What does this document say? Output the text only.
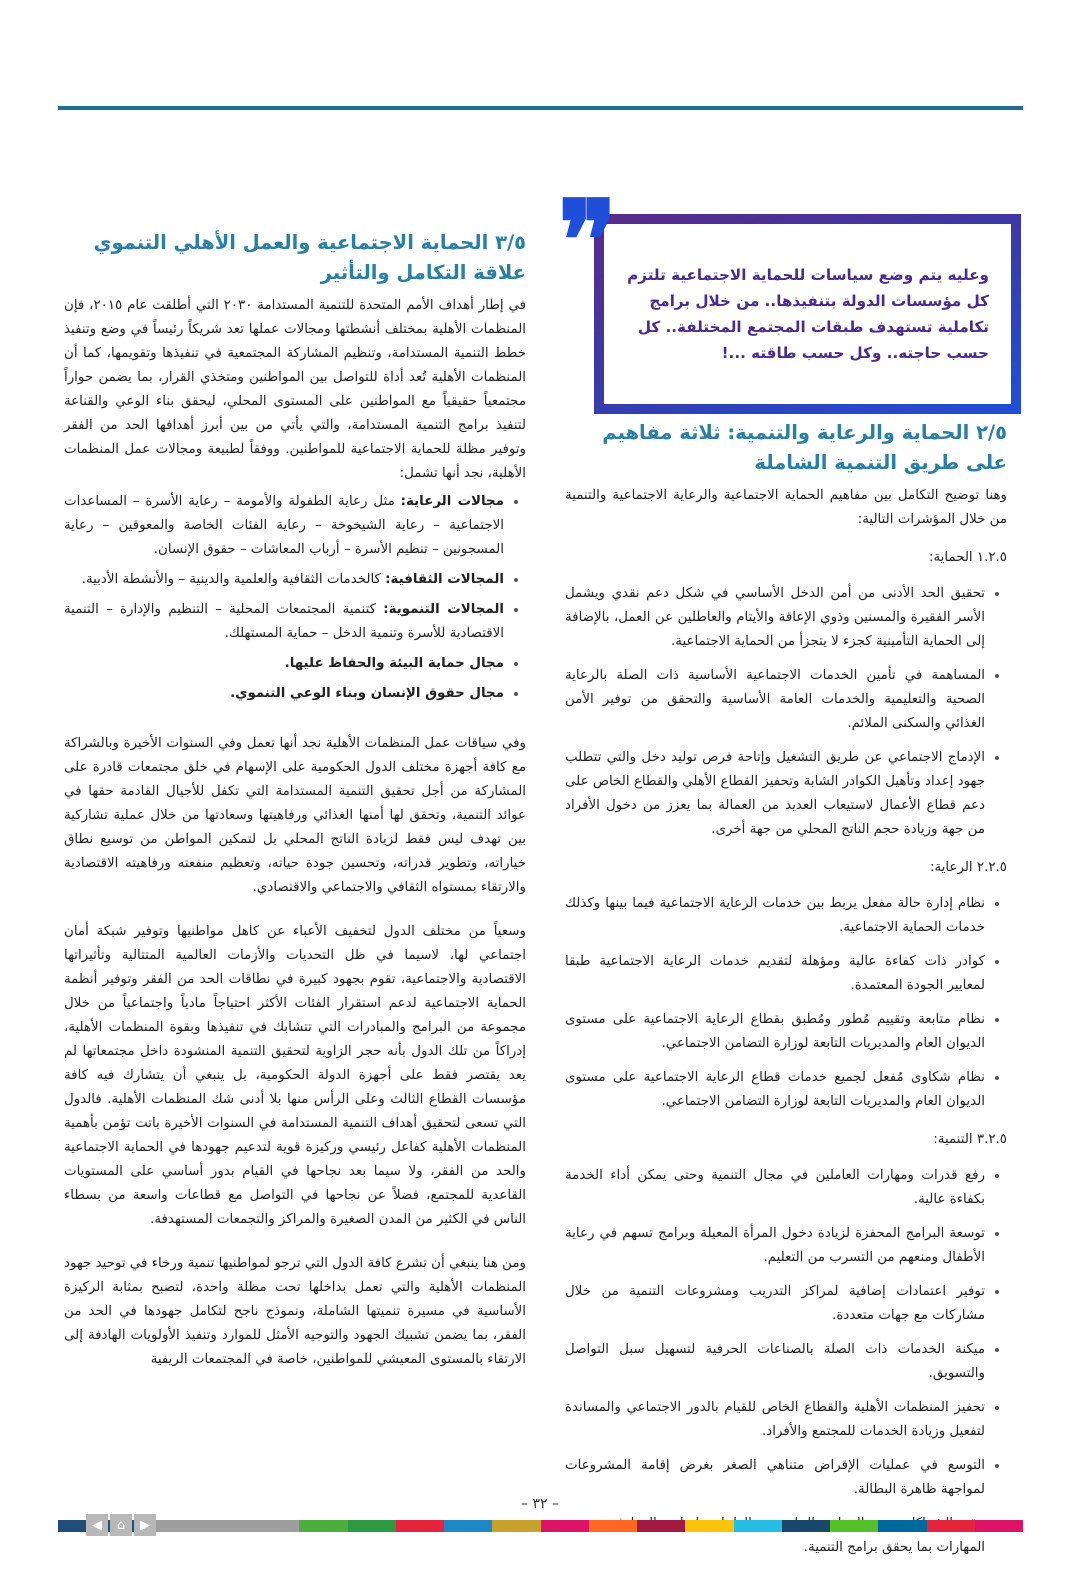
وعليه يتم وضع سياسات للحماية الاجتماعية تلتزم كل مؤسسات الدولة بتنفيذها.. من خلال برامج تكاملية تستهدف طبقات المجتمع المختلفة.. كل حسب حاجته.. وكل حسب طاقته ...!
❞
٢/٥ الحماية والرعاية والتنمية: ثلاثة مفاهيم على طريق التنمية الشاملة

وهنا توضيح التكامل بين مفاهيم الحماية الاجتماعية والرعاية الاجتماعية والتنمية من خلال المؤشرات التالية:

١.٢.٥ الحماية:

• تحقيق الحد الأدنى من أمن الدخل الأساسي في شكل دعم نقدي ويشمل الأسر الفقيرة والمسنين وذوي الإعاقة والأيتام والعاطلين عن العمل، بالإضافة إلى الحماية التأمينية كجزء لا يتجزأ من الحماية الاجتماعية.
• المساهمة في تأمين الخدمات الاجتماعية الأساسية ذات الصلة بالرعاية الصحية والتعليمية والخدمات العامة الأساسية والتحقق من توفير الأمن الغذائي والسكنى الملائم.
• الإدماج الاجتماعي عن طريق التشغيل وإتاحة فرص توليد دخل والتي تتطلب جهود إعداد وتأهيل الكوادر الشابة وتحفيز القطاع الأهلي والقطاع الخاص على دعم قطاع الأعمال لاستيعاب العديد من العمالة بما يعزز من دخول الأفراد من جهة وزيادة حجم الناتج المحلي من جهة أخرى.

٢.٢.٥ الرعاية:

• نظام إدارة حالة مفعل يربط بين خدمات الرعاية الاجتماعية فيما بينها وكذلك خدمات الحماية الاجتماعية.
• كوادر ذات كفاءة عالية ومؤهلة لتقديم خدمات الرعاية الاجتماعية طبقا لمعايير الجودة المعتمدة.
• نظام متابعة وتقييم مُطور ومُطبق بقطاع الرعاية الاجتماعية على مستوى الديوان العام والمديريات التابعة لوزارة التضامن الاجتماعي.
• نظام شكاوى مُفعل لجميع خدمات قطاع الرعاية الاجتماعية على مستوى الديوان العام والمديريات التابعة لوزارة التضامن الاجتماعي.

٣.٢.٥ التنمية:

• رفع قدرات ومهارات العاملين في مجال التنمية وحتى يمكن أداء الخدمة بكفاءة عالية.
• توسعة البرامج المحفزة لزيادة دخول المرأة المعيلة وبرامج تسهم في رعاية الأطفال ومنعهم من التسرب من التعليم.
• توفير اعتمادات إضافية لمراكز التدريب ومشروعات التنمية من خلال مشاركات مع جهات متعددة.
• ميكنة الخدمات ذات الصلة بالصناعات الحرفية لتسهيل سبل التواصل والتسويق.
• تحفيز المنظمات الأهلية والقطاع الخاص للقيام بالدور الاجتماعي والمساندة لتفعيل وزيادة الخدمات للمجتمع والأفراد.
• التوسع في عمليات الإقراض متناهي الصغر بغرض إقامة المشروعات لمواجهة ظاهرة البطالة.
• المهارات بما يحقق برامج التنمية.
٣/٥ الحماية الاجتماعية والعمل الأهلي التنموي علاقة التكامل والتأثير

في إطار أهداف الأمم المتحدة للتنمية المستدامة ٢٠٣٠ التي أطلقت عام ٢٠١٥، فإن المنظمات الأهلية بمختلف أنشطتها ومجالات عملها تعد شريكاً رئيساً في وضع وتنفيذ خطط التنمية المستدامة، وتنظيم المشاركة المجتمعية في تنفيذها وتقويمها، كما أن المنظمات الأهلية تُعد أداة للتواصل بين المواطنين ومتخذي القرار، بما يضمن حواراً مجتمعياً حقيقياً مع المواطنين على المستوى المحلي، ليحقق بناء الوعي والقناعة لتنفيذ برامج التنمية المستدامة، والتي يأتي من بين أبرز أهدافها الحد من الفقر وتوفير مظلة للحماية الاجتماعية للمواطنين. ووفقاً لطبيعة ومجالات عمل المنظمات الأهلية، نجد أنها تشمل:

• مجالات الرعاية: مثل رعاية الطفولة والأمومة – رعاية الأسرة – المساعدات الاجتماعية – رعاية الشيخوخة – رعاية الفئات الخاصة والمعوقين – رعاية المسجونين – تنظيم الأسرة – أرباب المعاشات – حقوق الإنسان.
• المجالات الثقافية: كالخدمات الثقافية والعلمية والدينية – والأنشطة الأدبية.
• المجالات التنموية: كتنمية المجتمعات المحلية – التنظيم والإدارة – التنمية الاقتصادية للأسرة وتنمية الدخل – حماية المستهلك.
• مجال حماية البيئة والحفاظ عليها.
• مجال حقوق الإنسان وبناء الوعي التنموي.

وفي سياقات عمل المنظمات الأهلية نجد أنها تعمل وفي السنوات الأخيرة وبالشراكة مع كافة أجهزة مختلف الدول الحكومية على الإسهام في خلق مجتمعات قادرة على المشاركة من أجل تحقيق التنمية المستدامة التي تكفل للأجيال القادمة حقها في عوائد التنمية، وتحقق لها أمنها الغذائي ورفاهيتها وسعادتها من خلال عملية تشاركية بين تهدف ليس فقط لزيادة الناتج المحلي بل لتمكين المواطن من توسيع نطاق خياراته، وتطوير قدراته، وتحسين جودة حياته، وتعظيم منفعته ورفاهيته الاقتصادية والارتقاء بمستواه الثقافي والاجتماعي والاقتصادي.

وسعياً من مختلف الدول لتخفيف الأعباء عن كاهل مواطنيها وتوفير شبكة أمان اجتماعي لها، لاسيما في ظل التحديات والأزمات العالمية المتتالية وتأثيراتها الاقتصادية والاجتماعية، تقوم بجهود كبيرة في نطاقات الحد من الفقر وتوفير أنظمة الحماية الاجتماعية لدعم استقرار الفئات الأكثر احتياجاً مادياً واجتماعياً من خلال مجموعة من البرامج والمبادرات التي تتشابك في تنفيذها وبقوة المنظمات الأهلية، إدراكاً من تلك الدول بأنه حجر الزاوية لتحقيق التنمية المنشودة داخل مجتمعاتها لم يعد يقتصر فقط على أجهزة الدولة الحكومية، بل ينبغي أن يتشارك فيه كافة مؤسسات القطاع الثالث وعلى الرأس منها بلا أدنى شك المنظمات الأهلية. فالدول التي تسعى لتحقيق أهداف التنمية المستدامة في السنوات الأخيرة باتت تؤمن بأهمية المنظمات الأهلية كفاعل رئيسي وركيزة قوية لتدعيم جهودها في الحماية الاجتماعية والحد من الفقر، ولا سيما بعد نجاحها في القيام بدور أساسي على المستويات القاعدية للمجتمع، فضلاً عن نجاحها في التواصل مع قطاعات واسعة من بسطاء الناس في الكثير من المدن الصغيرة والمراكز والتجمعات المستهدفة.

ومن هنا ينبغي أن تشرع كافة الدول التي ترجو لمواطنيها تنمية ورخاء في توحيد جهود المنظمات الأهلية والتي تعمل بداخلها تحت مظلة واحدة، لتصبح بمثابة الركيزة الأساسية في مسيرة تنميتها الشاملة، ونموذج ناجح لتكامل جهودها في الحد من الفقر، بما يضمن تشبيك الجهود والتوجيه الأمثل للموارد وتنفيذ الأولويات الهادفة إلى الارتقاء بالمستوى المعيشي للمواطنين، خاصة في المجتمعات الريفية

– ٣٢ –
◀	⌂	▶
